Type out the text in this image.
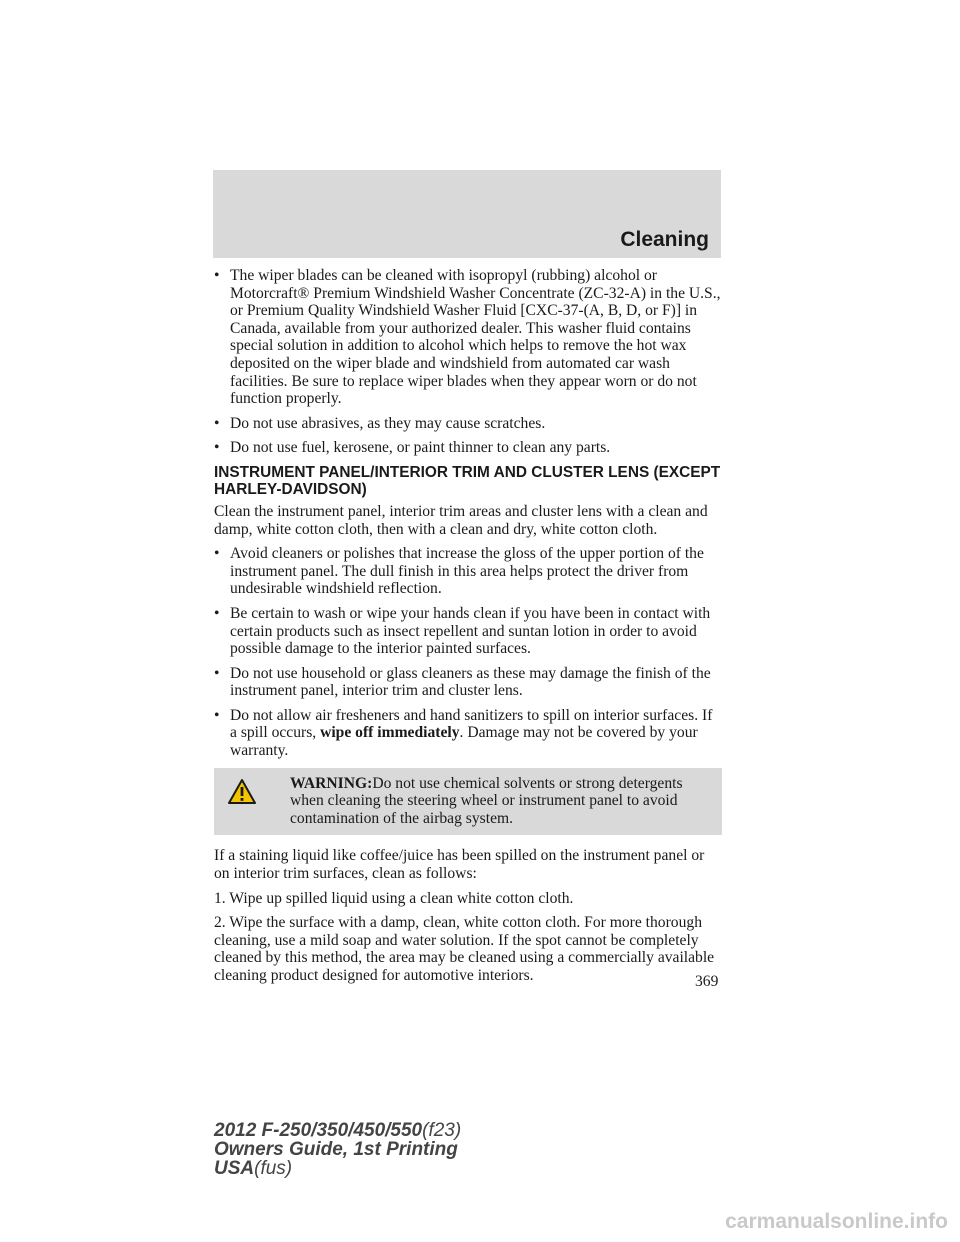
Cleaning
• The wiper blades can be cleaned with isopropyl (rubbing) alcohol or Motorcraft® Premium Windshield Washer Concentrate (ZC-32-A) in the U.S., or Premium Quality Windshield Washer Fluid [CXC-37-(A, B, D, or F)] in Canada, available from your authorized dealer. This washer fluid contains special solution in addition to alcohol which helps to remove the hot wax deposited on the wiper blade and windshield from automated car wash facilities. Be sure to replace wiper blades when they appear worn or do not function properly.
• Do not use abrasives, as they may cause scratches.
• Do not use fuel, kerosene, or paint thinner to clean any parts.
INSTRUMENT PANEL/INTERIOR TRIM AND CLUSTER LENS (EXCEPT HARLEY-DAVIDSON)

Clean the instrument panel, interior trim areas and cluster lens with a clean and damp, white cotton cloth, then with a clean and dry, white cotton cloth.

• Avoid cleaners or polishes that increase the gloss of the upper portion of the instrument panel. The dull finish in this area helps protect the driver from undesirable windshield reflection.
• Be certain to wash or wipe your hands clean if you have been in contact with certain products such as insect repellent and suntan lotion in order to avoid possible damage to the interior painted surfaces.
• Do not use household or glass cleaners as these may damage the finish of the instrument panel, interior trim and cluster lens.
• Do not allow air fresheners and hand sanitizers to spill on interior surfaces. If a spill occurs, wipe off immediately. Damage may not be covered by your warranty.
WARNING:Do not use chemical solvents or strong detergents when cleaning the steering wheel or instrument panel to avoid contamination of the airbag system.

If a staining liquid like coffee/juice has been spilled on the instrument panel or on interior trim surfaces, clean as follows:

1. Wipe up spilled liquid using a clean white cotton cloth.

2. Wipe the surface with a damp, clean, white cotton cloth. For more thorough cleaning, use a mild soap and water solution. If the spot cannot be completely cleaned by this method, the area may be cleaned using a commercially available cleaning product designed for automotive interiors.	369
2012 F-250/350/450/550(f23)
Owners Guide, 1st Printing
USA(fus)
carmanualsonline.info
